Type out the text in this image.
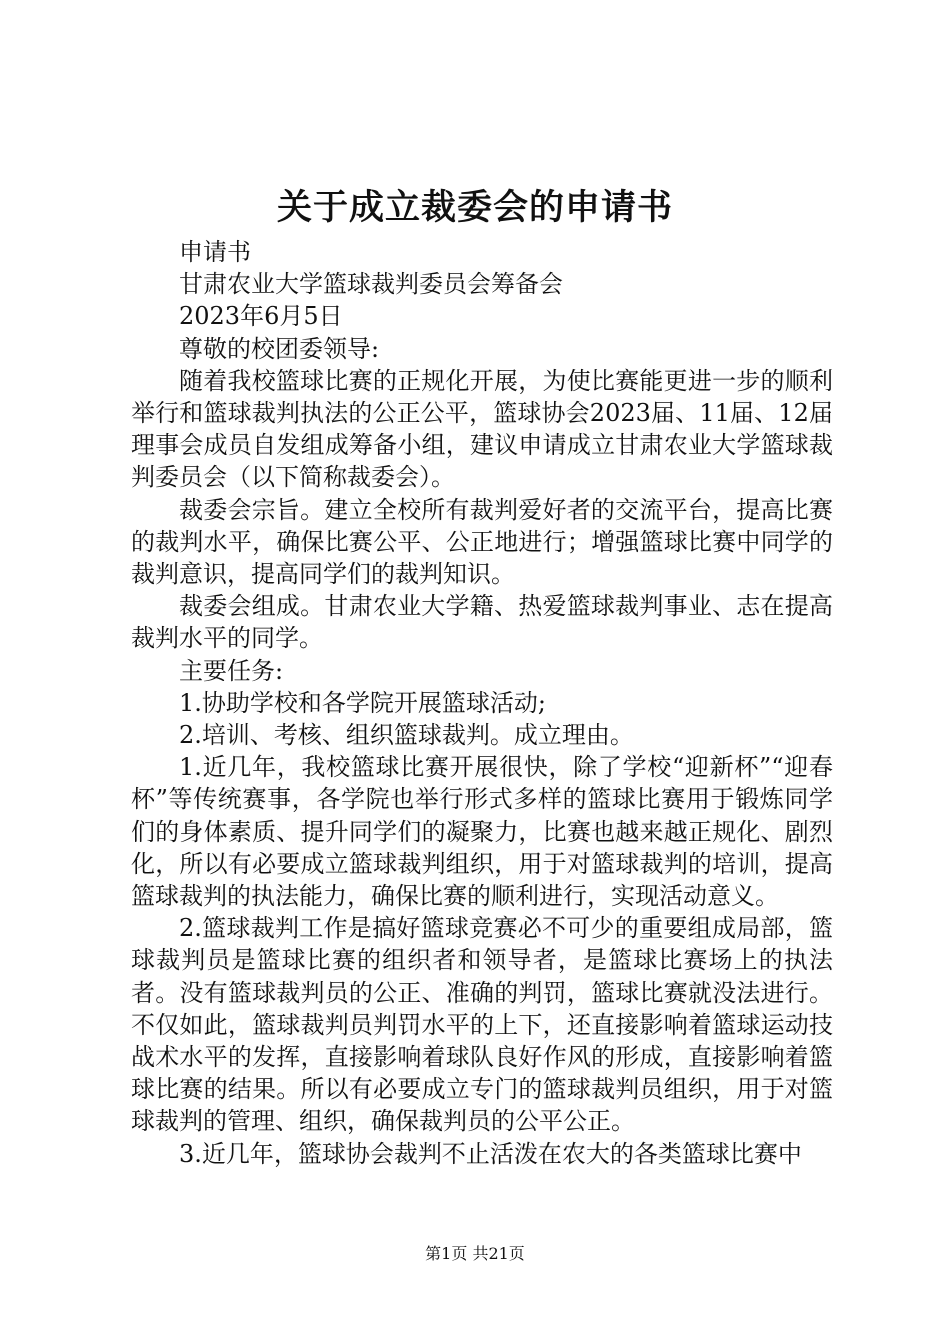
关于成立裁委会的申请书

申请书

甘肃农业大学篮球裁判委员会筹备会

2023年6月5日

尊敬的校团委领导:

随着我校篮球比赛的正规化开展，为使比赛能更进一步的顺利举行和篮球裁判执法的公正公平，篮球协会2023届、11届、12届理事会成员自发组成筹备小组，建议申请成立甘肃农业大学篮球裁判委员会（以下简称裁委会）。

裁委会宗旨。建立全校所有裁判爱好者的交流平台，提高比赛的裁判水平，确保比赛公平、公正地进行；增强篮球比赛中同学的裁判意识，提高同学们的裁判知识。

裁委会组成。甘肃农业大学籍、热爱篮球裁判事业、志在提高裁判水平的同学。

主要任务:

1.协助学校和各学院开展篮球活动;

2.培训、考核、组织篮球裁判。成立理由。

1.近几年，我校篮球比赛开展很快，除了学校“迎新杯”“迎春杯”等传统赛事，各学院也举行形式多样的篮球比赛用于锻炼同学们的身体素质、提升同学们的凝聚力，比赛也越来越正规化、剧烈化，所以有必要成立篮球裁判组织，用于对篮球裁判的培训，提高篮球裁判的执法能力，确保比赛的顺利进行，实现活动意义。

2.篮球裁判工作是搞好篮球竞赛必不可少的重要组成局部，篮球裁判员是篮球比赛的组织者和领导者，是篮球比赛场上的执法者。没有篮球裁判员的公正、准确的判罚，篮球比赛就没法进行。不仅如此，篮球裁判员判罚水平的上下，还直接影响着篮球运动技战术水平的发挥，直接影响着球队良好作风的形成，直接影响着篮球比赛的结果。所以有必要成立专门的篮球裁判员组织，用于对篮球裁判的管理、组织，确保裁判员的公平公正。

3.近几年，篮球协会裁判不止活泼在农大的各类篮球比赛中

第1页 共21页
